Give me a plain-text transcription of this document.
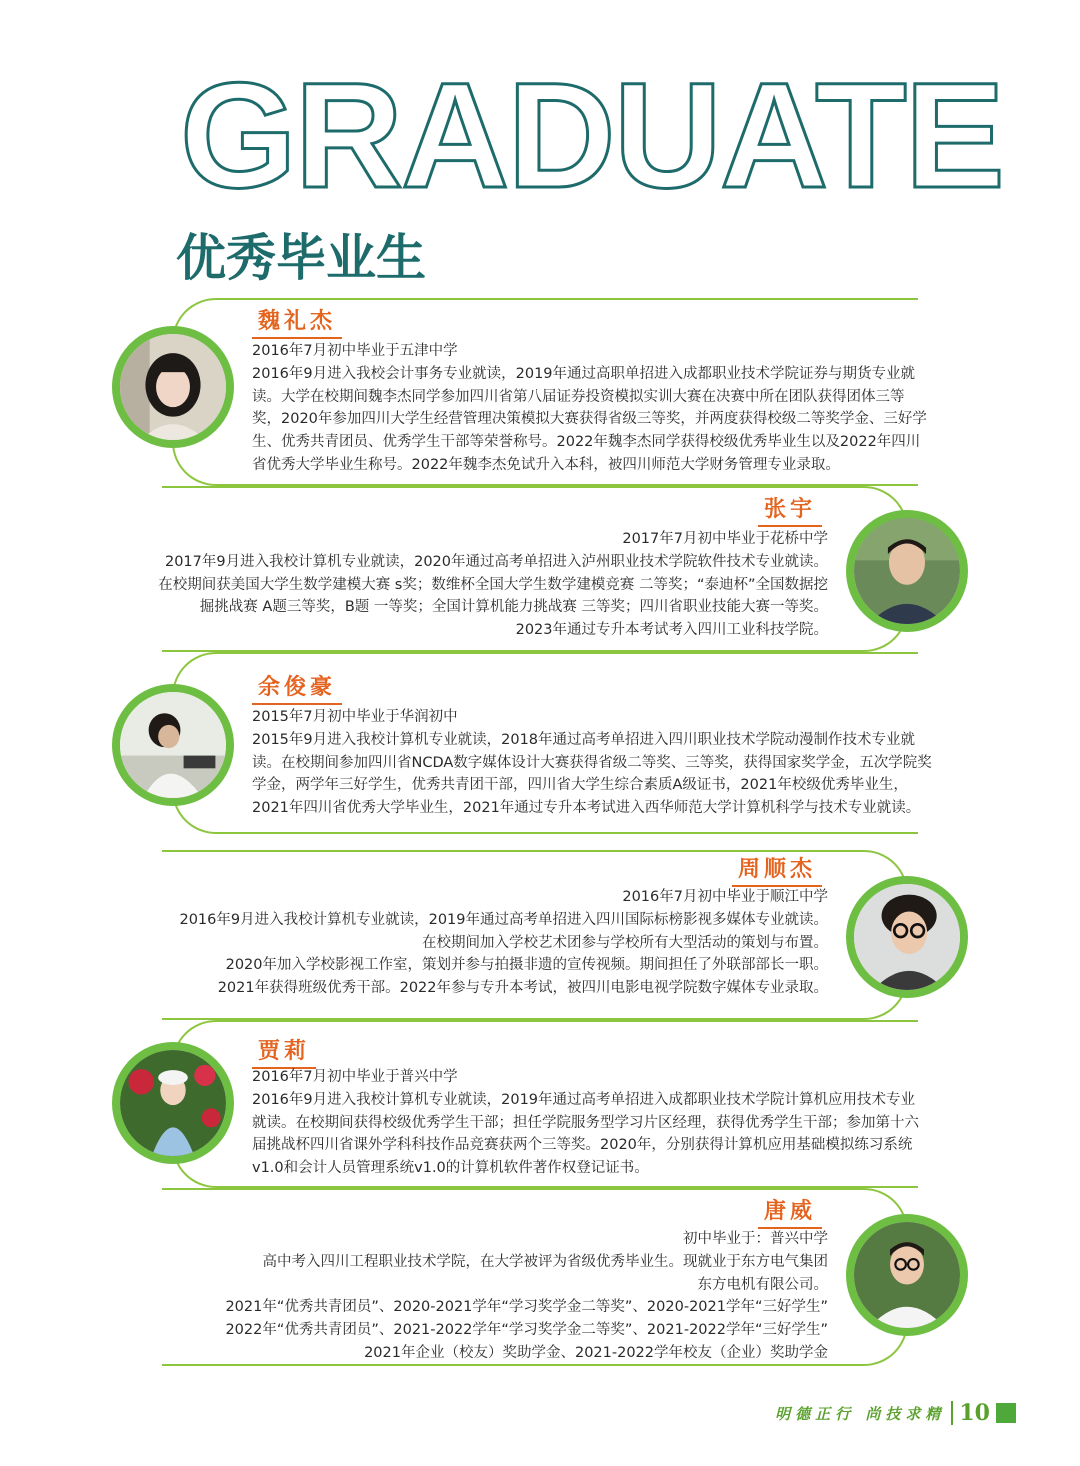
GRADUATE
优秀毕业生
魏礼杰
2016年7月初中毕业于五津中学
2016年9月进入我校会计事务专业就读，2019年通过高职单招进入成都职业技术学院证券与期货专业就
读。大学在校期间魏李杰同学参加四川省第八届证券投资模拟实训大赛在决赛中所在团队获得团体三等
奖，2020年参加四川大学生经营管理决策模拟大赛获得省级三等奖，并两度获得校级二等奖学金、三好学
生、优秀共青团员、优秀学生干部等荣誉称号。2022年魏李杰同学获得校级优秀毕业生以及2022年四川
省优秀大学毕业生称号。2022年魏李杰免试升入本科，被四川师范大学财务管理专业录取。
张宇
2017年7月初中毕业于花桥中学
2017年9月进入我校计算机专业就读，2020年通过高考单招进入泸州职业技术学院软件技术专业就读。
在校期间获美国大学生数学建模大赛 s奖；数维杯全国大学生数学建模竞赛 二等奖；“泰迪杯”全国数据挖
掘挑战赛 A题三等奖，B题 一等奖；全国计算机能力挑战赛 三等奖；四川省职业技能大赛一等奖。
2023年通过专升本考试考入四川工业科技学院。
余俊豪
2015年7月初中毕业于华润初中
2015年9月进入我校计算机专业就读，2018年通过高考单招进入四川职业技术学院动漫制作技术专业就
读。在校期间参加四川省NCDA数字媒体设计大赛获得省级二等奖、三等奖，获得国家奖学金，五次学院奖
学金，两学年三好学生，优秀共青团干部，四川省大学生综合素质A级证书，2021年校级优秀毕业生，
2021年四川省优秀大学毕业生，2021年通过专升本考试进入西华师范大学计算机科学与技术专业就读。
周顺杰
2016年7月初中毕业于顺江中学
2016年9月进入我校计算机专业就读，2019年通过高考单招进入四川国际标榜影视多媒体专业就读。
在校期间加入学校艺术团参与学校所有大型活动的策划与布置。
2020年加入学校影视工作室，策划并参与拍摄非遗的宣传视频。期间担任了外联部部长一职。
2021年获得班级优秀干部。2022年参与专升本考试，被四川电影电视学院数字媒体专业录取。
贾莉
2016年7月初中毕业于普兴中学
2016年9月进入我校计算机专业就读，2019年通过高考单招进入成都职业技术学院计算机应用技术专业
就读。在校期间获得校级优秀学生干部；担任学院服务型学习片区经理，获得优秀学生干部；参加第十六
届挑战杯四川省课外学科科技作品竞赛获两个三等奖。2020年，分别获得计算机应用基础模拟练习系统
v1.0和会计人员管理系统v1.0的计算机软件著作权登记证书。
唐威
初中毕业于：普兴中学
高中考入四川工程职业技术学院，在大学被评为省级优秀毕业生。现就业于东方电气集团
东方电机有限公司。
2021年“优秀共青团员”、2020-2021学年“学习奖学金二等奖”、2020-2021学年“三好学生”
2022年“优秀共青团员”、2021-2022学年“学习奖学金二等奖”、2021-2022学年“三好学生”
2021年企业（校友）奖助学金、2021-2022学年校友（企业）奖助学金
明德正行 尚技求精 10
